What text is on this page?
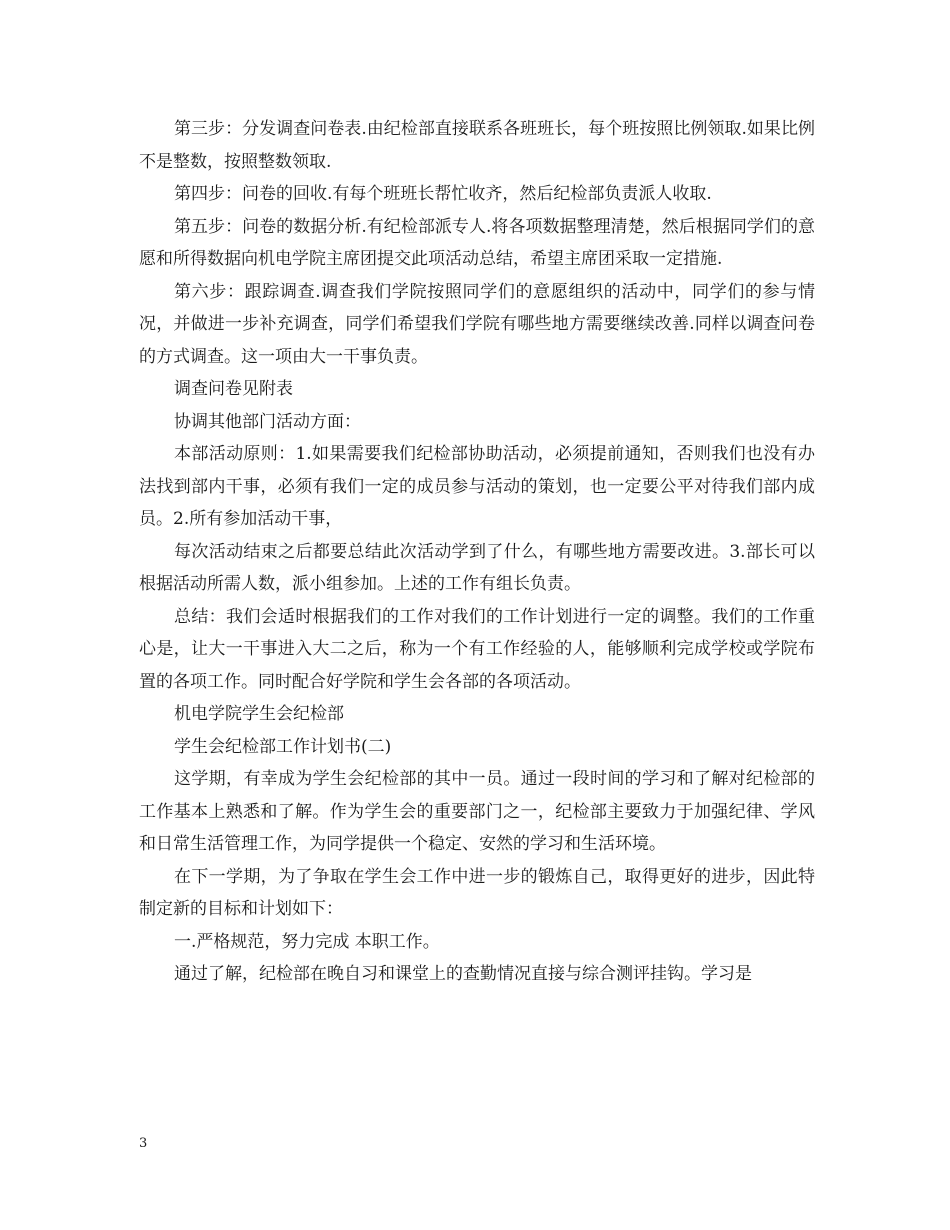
第三步：分发调查问卷表.由纪检部直接联系各班班长，每个班按照比例领取.如果比例不是整数，按照整数领取.

第四步：问卷的回收.有每个班班长帮忙收齐，然后纪检部负责派人收取.

第五步：问卷的数据分析.有纪检部派专人.将各项数据整理清楚，然后根据同学们的意愿和所得数据向机电学院主席团提交此项活动总结，希望主席团采取一定措施.

第六步：跟踪调查.调查我们学院按照同学们的意愿组织的活动中，同学们的参与情况，并做进一步补充调查，同学们希望我们学院有哪些地方需要继续改善.同样以调查问卷的方式调查。这一项由大一干事负责。

调查问卷见附表

协调其他部门活动方面：

本部活动原则：1.如果需要我们纪检部协助活动，必须提前通知，否则我们也没有办法找到部内干事，必须有我们一定的成员参与活动的策划，也一定要公平对待我们部内成员。2.所有参加活动干事，

每次活动结束之后都要总结此次活动学到了什么，有哪些地方需要改进。3.部长可以根据活动所需人数，派小组参加。上述的工作有组长负责。

总结：我们会适时根据我们的工作对我们的工作计划进行一定的调整。我们的工作重心是，让大一干事进入大二之后，称为一个有工作经验的人，能够顺利完成学校或学院布置的各项工作。同时配合好学院和学生会各部的各项活动。

机电学院学生会纪检部

学生会纪检部工作计划书(二)

这学期，有幸成为学生会纪检部的其中一员。通过一段时间的学习和了解对纪检部的工作基本上熟悉和了解。作为学生会的重要部门之一，纪检部主要致力于加强纪律、学风和日常生活管理工作，为同学提供一个稳定、安然的学习和生活环境。

在下一学期，为了争取在学生会工作中进一步的锻炼自己，取得更好的进步，因此特制定新的目标和计划如下：

一.严格规范，努力完成 本职工作。

通过了解，纪检部在晚自习和课堂上的查勤情况直接与综合测评挂钩。学习是

3
